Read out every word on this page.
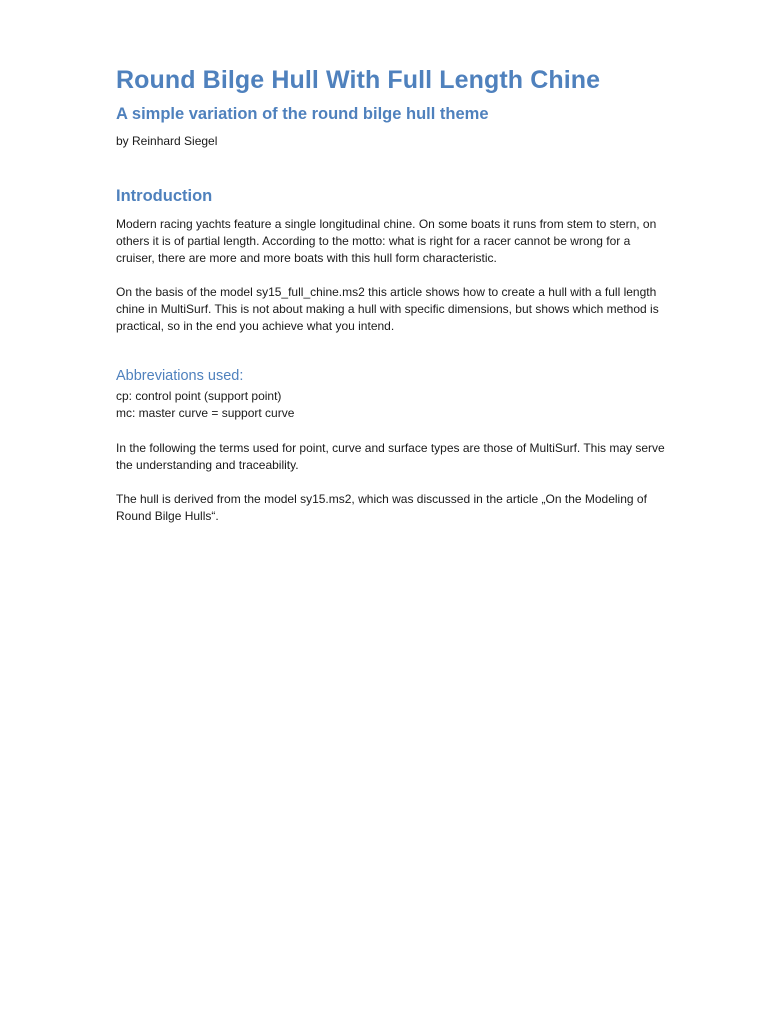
Round Bilge Hull With Full Length Chine
A simple variation of the round bilge hull theme

by Reinhard Siegel

Introduction

Modern racing yachts feature a single longitudinal chine. On some boats it runs from stem to stern, on others it is of partial length. According to the motto: what is right for a racer cannot be wrong for a cruiser, there are more and more boats with this hull form characteristic.

On the basis of the model sy15_full_chine.ms2 this article shows how to create a hull with a full length chine in MultiSurf. This is not about making a hull with specific dimensions, but shows which method is practical, so in the end you achieve what you intend.

Abbreviations used:
cp: control point (support point)
mc: master curve = support curve

In the following the terms used for point, curve and surface types are those of MultiSurf. This may serve the understanding and traceability.

The hull is derived from the model sy15.ms2, which was discussed in the article „On the Modeling of Round Bilge Hulls“.
